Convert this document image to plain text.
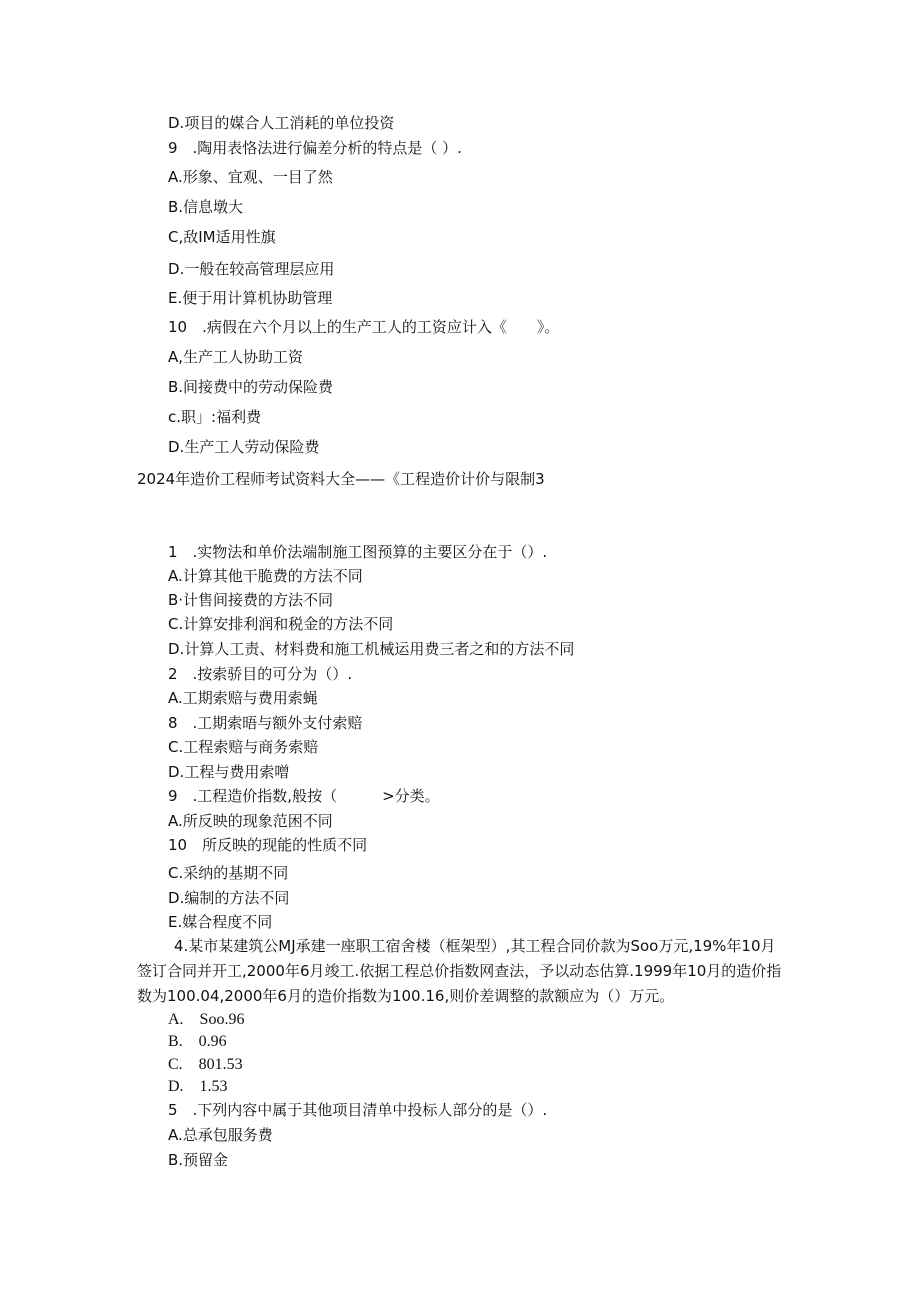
D.项目的媒合人工消耗的单位投资
9　.陶用表恪法进行偏差分析的特点是（ ）.
A.形象、宜观、一目了然
B.信息墩大
C,敌IM适用性旗
D.一般在较高管理层应用
E.便于用计算机协助管理
10　.病假在六个月以上的生产工人的工资应计入《　　》。
A,生产工人协助工资
B.间接费中的劳动保险费
c.职」:福利费
D.生产工人劳动保险费
2024年造价工程师考试资料大全——《工程造价计价与限制3
1　.实物法和单价法端制施工图预算的主要区分在于（）.
A.计算其他干脆费的方法不同
B·计售间接费的方法不同
C.计算安排利润和税金的方法不同
D.计算人工责、材料费和施工机械运用费三者之和的方法不同
2　.按索骄目的可分为（）.
A.工期索赔与费用索蝇
8　.工期索晤与额外支付索赔
C.工程索赔与商务索赔
D.工程与费用索噌
9　.工程造价指数,般按（　　　>分类。
A.所反映的现象范困不同
10　所反映的现能的性质不同
C.采纳的基期不同
D.编制的方法不同
E.媒合程度不同
4.某市某建筑公MJ承建一座职工宿舍楼（框架型）,其工程合同价款为Soo万元,19%年10月
签订合同并开工,2000年6月竣工.依据工程总价指数网查法，予以动态估算.1999年10月的造价指
数为100.04,2000年6月的造价指数为100.16,则价差调整的款额应为（）万元。
A.　Soo.96
B.　0.96
C.　801.53
D.　1.53
5　.下列内容中属于其他项目清单中投标人部分的是（）.
A.总承包服务费
B.预留金
